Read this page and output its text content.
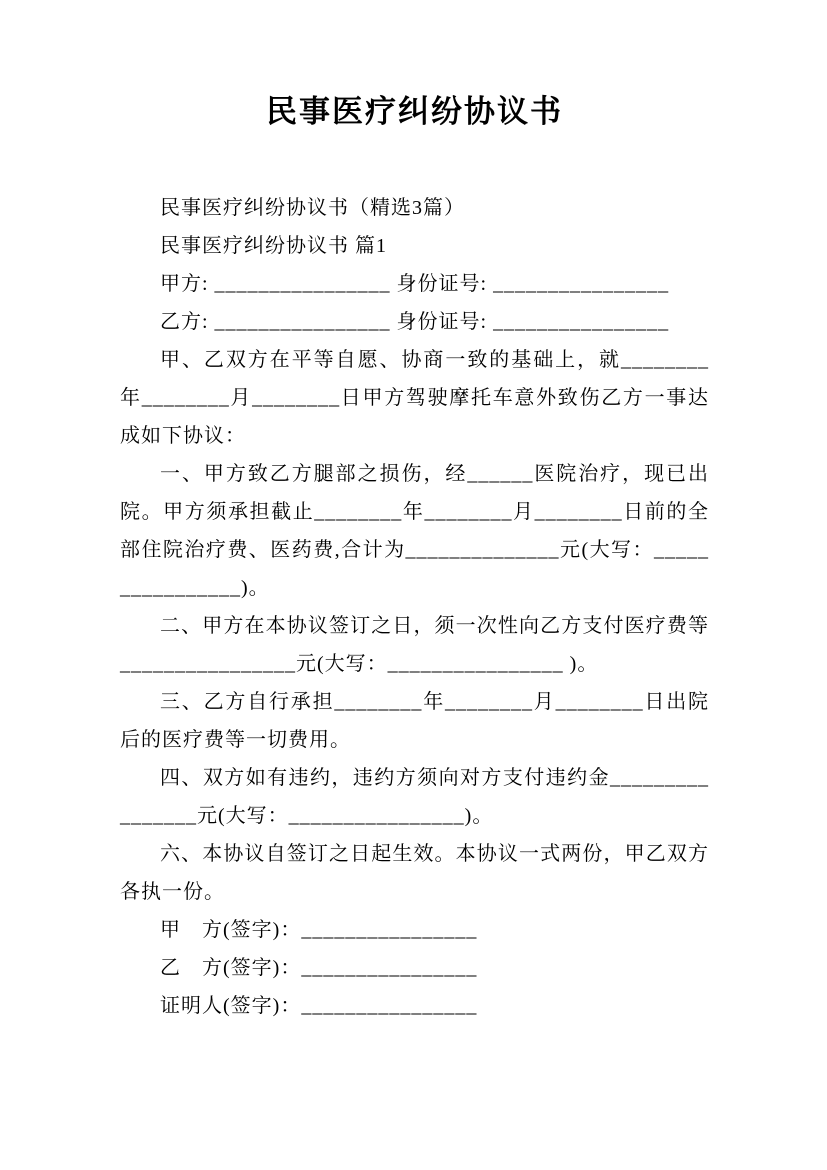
民事医疗纠纷协议书

民事医疗纠纷协议书（精选3篇）

民事医疗纠纷协议书 篇1

甲方: ________________ 身份证号: ________________

乙方: ________________ 身份证号: ________________

甲、乙双方在平等自愿、协商一致的基础上，就________年________月________日甲方驾驶摩托车意外致伤乙方一事达成如下协议：

一、甲方致乙方腿部之损伤，经______医院治疗，现已出院。甲方须承担截止________年________月________日前的全部住院治疗费、医药费,合计为______________元(大写：________________)。

二、甲方在本协议签订之日，须一次性向乙方支付医疗费等________________元(大写：________________ )。

三、乙方自行承担________年________月________日出院后的医疗费等一切费用。

四、双方如有违约，违约方须向对方支付违约金________________元(大写：________________)。

六、本协议自签订之日起生效。本协议一式两份，甲乙双方各执一份。

甲　方(签字)：________________

乙　方(签字)：________________

证明人(签字)：________________
